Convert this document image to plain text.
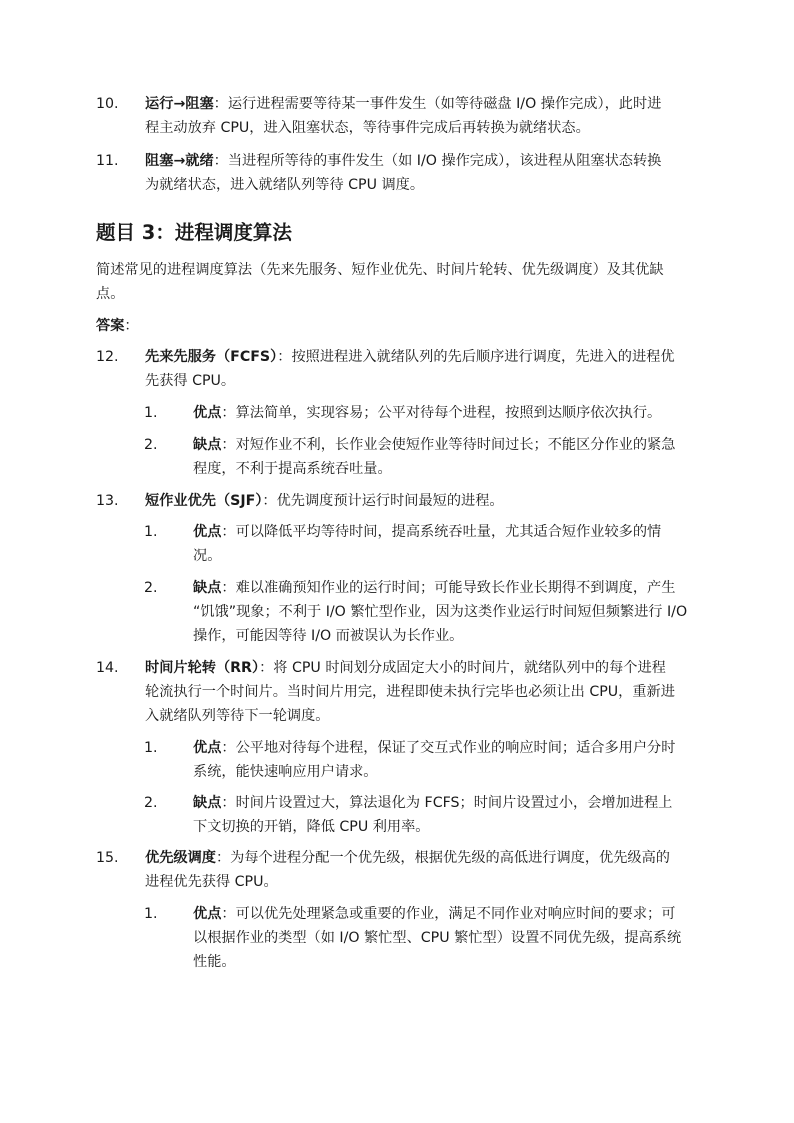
10. 运行→阻塞：运行进程需要等待某一事件发生（如等待磁盘 I/O 操作完成），此时进
程主动放弃 CPU，进入阻塞状态，等待事件完成后再转换为就绪状态。
11. 阻塞→就绪：当进程所等待的事件发生（如 I/O 操作完成），该进程从阻塞状态转换
为就绪状态，进入就绪队列等待 CPU 调度。
题目 3：进程调度算法
简述常见的进程调度算法（先来先服务、短作业优先、时间片轮转、优先级调度）及其优缺
点。
答案：
12. 先来先服务（FCFS）：按照进程进入就绪队列的先后顺序进行调度，先进入的进程优
先获得 CPU。
1. 优点：算法简单，实现容易；公平对待每个进程，按照到达顺序依次执行。
2. 缺点：对短作业不利，长作业会使短作业等待时间过长；不能区分作业的紧急
程度，不利于提高系统吞吐量。
13. 短作业优先（SJF）：优先调度预计运行时间最短的进程。
1. 优点：可以降低平均等待时间，提高系统吞吐量，尤其适合短作业较多的情
况。
2. 缺点：难以准确预知作业的运行时间；可能导致长作业长期得不到调度，产生
“饥饿”现象；不利于 I/O 繁忙型作业，因为这类作业运行时间短但频繁进行 I/O
操作，可能因等待 I/O 而被误认为长作业。
14. 时间片轮转（RR）：将 CPU 时间划分成固定大小的时间片，就绪队列中的每个进程
轮流执行一个时间片。当时间片用完，进程即使未执行完毕也必须让出 CPU，重新进
入就绪队列等待下一轮调度。
1. 优点：公平地对待每个进程，保证了交互式作业的响应时间；适合多用户分时
系统，能快速响应用户请求。
2. 缺点：时间片设置过大，算法退化为 FCFS；时间片设置过小，会增加进程上
下文切换的开销，降低 CPU 利用率。
15. 优先级调度：为每个进程分配一个优先级，根据优先级的高低进行调度，优先级高的
进程优先获得 CPU。
1. 优点：可以优先处理紧急或重要的作业，满足不同作业对响应时间的要求；可
以根据作业的类型（如 I/O 繁忙型、CPU 繁忙型）设置不同优先级，提高系统
性能。
